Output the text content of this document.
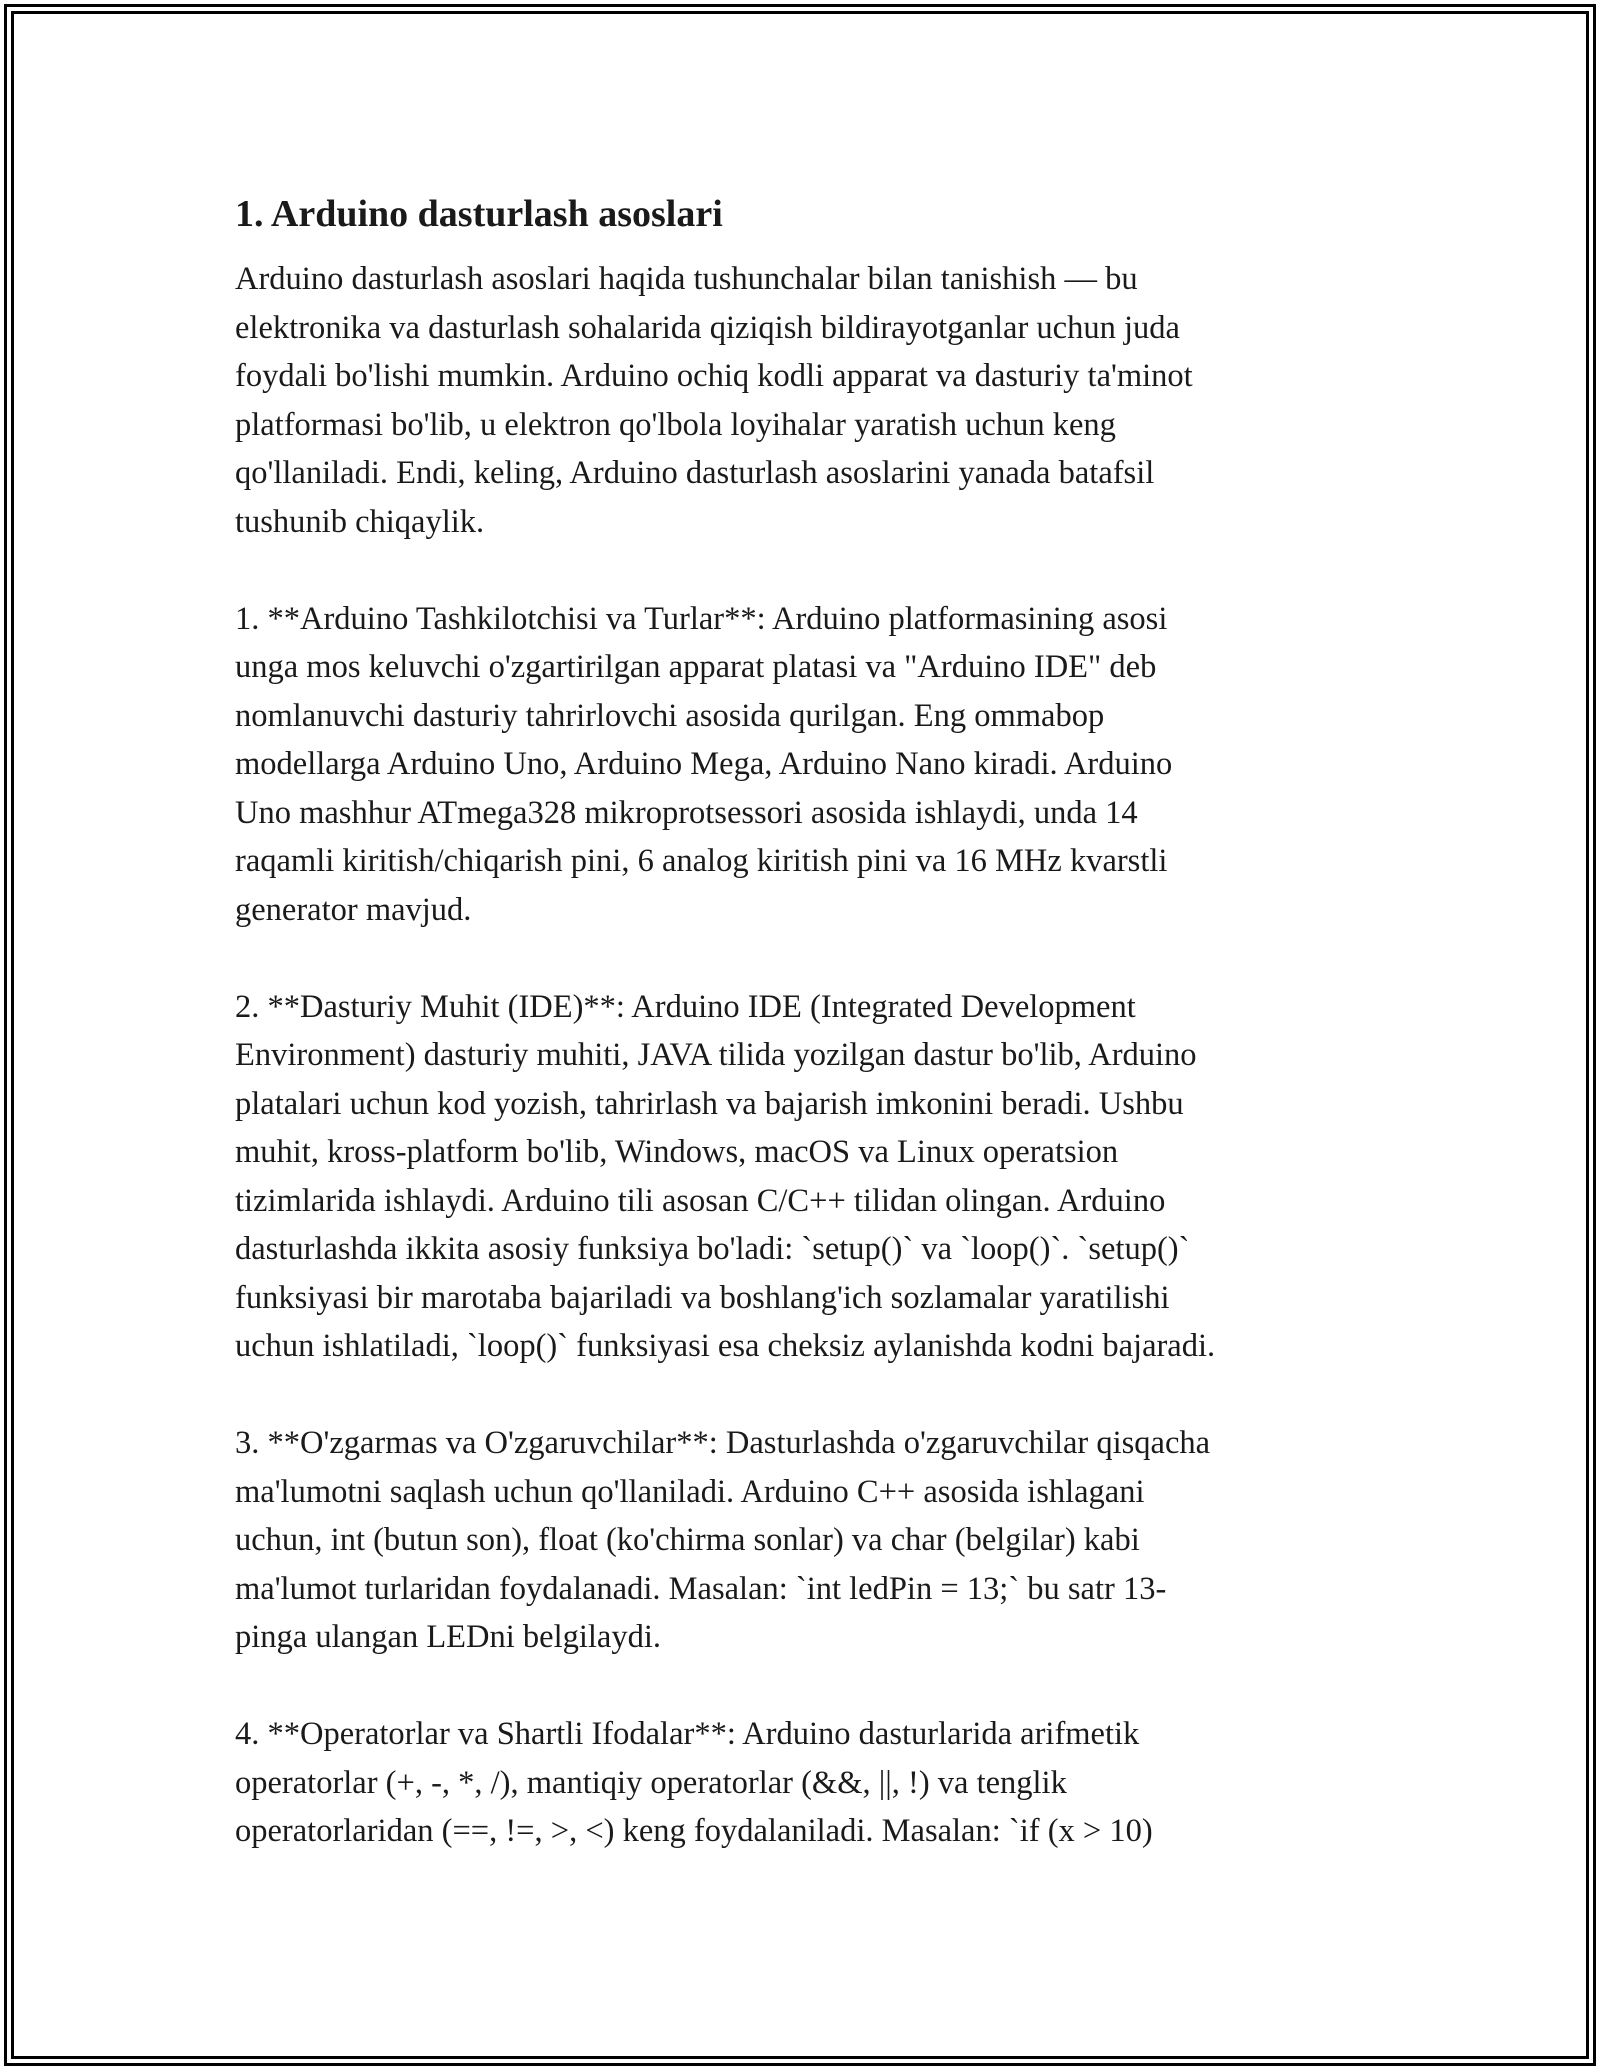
1. Arduino dasturlash asoslari

Arduino dasturlash asoslari haqida tushunchalar bilan tanishish — bu
elektronika va dasturlash sohalarida qiziqish bildirayotganlar uchun juda
foydali bo'lishi mumkin. Arduino ochiq kodli apparat va dasturiy ta'minot
platformasi bo'lib, u elektron qo'lbola loyihalar yaratish uchun keng
qo'llaniladi. Endi, keling, Arduino dasturlash asoslarini yanada batafsil
tushunib chiqaylik.

1. **Arduino Tashkilotchisi va Turlar**: Arduino platformasining asosi
unga mos keluvchi o'zgartirilgan apparat platasi va "Arduino IDE" deb
nomlanuvchi dasturiy tahrirlovchi asosida qurilgan. Eng ommabop
modellarga Arduino Uno, Arduino Mega, Arduino Nano kiradi. Arduino
Uno mashhur ATmega328 mikroprotsessori asosida ishlaydi, unda 14
raqamli kiritish/chiqarish pini, 6 analog kiritish pini va 16 MHz kvarstli
generator mavjud.

2. **Dasturiy Muhit (IDE)**: Arduino IDE (Integrated Development
Environment) dasturiy muhiti, JAVA tilida yozilgan dastur bo'lib, Arduino
platalari uchun kod yozish, tahrirlash va bajarish imkonini beradi. Ushbu
muhit, kross-platform bo'lib, Windows, macOS va Linux operatsion
tizimlarida ishlaydi. Arduino tili asosan C/C++ tilidan olingan. Arduino
dasturlashda ikkita asosiy funksiya bo'ladi: `setup()` va `loop()`. `setup()`
funksiyasi bir marotaba bajariladi va boshlang'ich sozlamalar yaratilishi
uchun ishlatiladi, `loop()` funksiyasi esa cheksiz aylanishda kodni bajaradi.

3. **O'zgarmas va O'zgaruvchilar**: Dasturlashda o'zgaruvchilar qisqacha
ma'lumotni saqlash uchun qo'llaniladi. Arduino C++ asosida ishlagani
uchun, int (butun son), float (ko'chirma sonlar) va char (belgilar) kabi
ma'lumot turlaridan foydalanadi. Masalan: `int ledPin = 13;` bu satr 13-
pinga ulangan LEDni belgilaydi.

4. **Operatorlar va Shartli Ifodalar**: Arduino dasturlarida arifmetik
operatorlar (+, -, *, /), mantiqiy operatorlar (&&, ||, !) va tenglik
operatorlaridan (==, !=, >, <) keng foydalaniladi. Masalan: `if (x > 10)
